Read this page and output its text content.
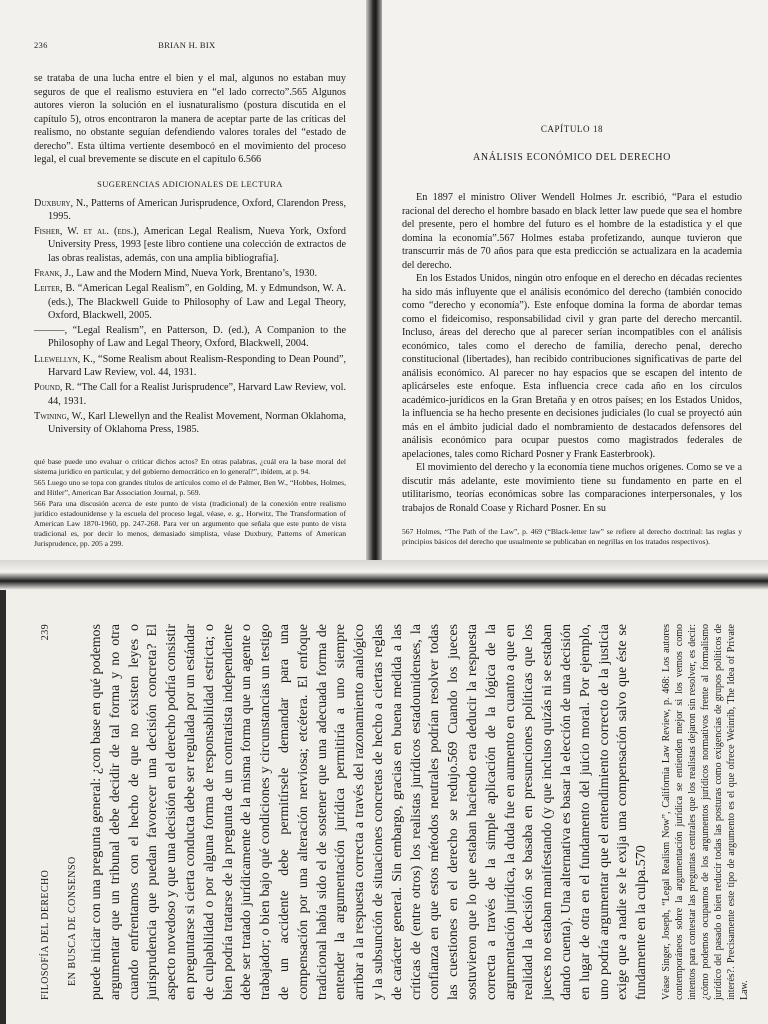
236	BRIAN H. BIX

se trataba de una lucha entre el bien y el mal, algunos no estaban muy seguros de que el realismo estuviera en “el lado correcto”.565 Algunos autores vieron la solución en el iusnaturalismo (postura discutida en el capítulo 5), otros encontraron la manera de aceptar parte de las críticas del realismo, no obstante seguían defendiendo valores torales del “estado de derecho”. Esta última vertiente desembocó en el movimiento del proceso legal, el cual brevemente se discute en el capítulo 6.566

SUGERENCIAS ADICIONALES DE LECTURA

Duxbury, N., Patterns of American Jurisprudence, Oxford, Clarendon Press, 1995.

Fisher, W. et al. (eds.), American Legal Realism, Nueva York, Oxford University Press, 1993 [este libro contiene una colección de extractos de las obras realistas, además, con una amplia bibliografía].

Frank, J., Law and the Modern Mind, Nueva York, Brentano’s, 1930.

Leiter, B. “American Legal Realism”, en Golding, M. y Edmundson, W. A. (eds.), The Blackwell Guide to Philosophy of Law and Legal Theory, Oxford, Blackwell, 2005.

———, “Legal Realism”, en Patterson, D. (ed.), A Companion to the Philosophy of Law and Legal Theory, Oxford, Blackwell, 2004.

Llewellyn, K., “Some Realism about Realism-Responding to Dean Pound”, Harvard Law Review, vol. 44, 1931.

Pound, R. “The Call for a Realist Jurisprudence”, Harvard Law Review, vol. 44, 1931.

Twining, W., Karl Llewellyn and the Realist Movement, Norman Oklahoma, University of Oklahoma Press, 1985.

qué base puede uno evaluar o criticar dichos actos? En otras palabras, ¿cuál era la base moral del sistema jurídico en particular, y del gobierno democrático en lo general?”, ibídem, at p. 94.

565 Luego uno se topa con grandes títulos de artículos como el de Palmer, Ben W., “Hobbes, Holmes, and Hitler”, American Bar Association Journal, p. 569.

566 Para una discusión acerca de este punto de vista (tradicional) de la conexión entre realismo jurídico estadounidense y la escuela del proceso legal, véase, e. g., Horwitz, The Transformation of American Law 1870-1960, pp. 247-268. Para ver un argumento que señala que este punto de vista tradicional es, por decir lo menos, demasiado simplista, véase Duxbury, Patterns of American Jurisprudence, pp. 205 a 299.

CAPÍTULO 18
ANÁLISIS ECONÓMICO DEL DERECHO

En 1897 el ministro Oliver Wendell Holmes Jr. escribió, “Para el estudio racional del derecho el hombre basado en black letter law puede que sea el hombre del presente, pero el hombre del futuro es el hombre de la estadística y el que domina la economía”.567 Holmes estaba profetizando, aunque tuvieron que transcurrir más de 70 años para que esta predicción se actualizara en la academia del derecho.

En los Estados Unidos, ningún otro enfoque en el derecho en décadas recientes ha sido más influyente que el análisis económico del derecho (también conocido como “derecho y economía”). Este enfoque domina la forma de abordar temas como el fideicomiso, responsabilidad civil y gran parte del derecho mercantil. Incluso, áreas del derecho que al parecer serían incompatibles con el análisis económico, tales como el derecho de familia, derecho penal, derecho constitucional (libertades), han recibido contribuciones significativas de parte del análisis económico. Al parecer no hay espacios que se escapen del intento de aplicárseles este enfoque. Esta influencia crece cada año en los círculos académico-jurídicos en la Gran Bretaña y en otros países; en los Estados Unidos, la influencia se ha hecho presente en decisiones judiciales (lo cual se proyectó aún más en el ámbito judicial dado el nombramiento de destacados defensores del análisis económico para ocupar puestos como magistrados federales de apelaciones, tales como Richard Posner y Frank Easterbrook).

El movimiento del derecho y la economía tiene muchos orígenes. Como se ve a discutir más adelante, este movimiento tiene su fundamento en parte en el utilitarismo, teorías económicas sobre las comparaciones interpersonales, y los trabajos de Ronald Coase y Richard Posner. En su

567 Holmes, “The Path of the Law”, p. 469 (“Black-letter law” se refiere al derecho doctrinal: las reglas y principios básicos del derecho que usualmente se publicaban en negrillas en los tratados respectivos).
FILOSOFÍA DEL DERECHO
239
EN BUSCA DE CONSENSO puede iniciar con una pregunta general: ¿con base en qué podemos argumentar que un tribunal debe decidir de tal forma y no otra cuando enfrentamos con el hecho de que no existen leyes o jurisprudencia que puedan favorecer una decisión concreta? El aspecto novedoso y que una decisión en el derecho podría consistir en preguntarse si cierta conducta debe ser regulada por un estándar de culpabilidad o por alguna forma de responsabilidad estricta; o bien podría tratarse de la pregunta de un contratista independiente debe ser tratado jurídicamente de la misma forma que un agente o trabajador; o bien bajo qué condiciones y circunstancias un testigo de un accidente debe permitírsele demandar para una compensación por una alteración nerviosa; etcétera. El enfoque tradicional había sido el de sostener que una adecuada forma de entender la argumentación jurídica permitiría a uno siempre arribar a la respuesta correcta a través del razonamiento analógico y la subsunción de situaciones concretas de hecho a ciertas reglas de carácter general. Sin embargo, gracias en buena medida a las críticas de (entre otros) los realistas jurídicos estadounidenses, la confianza en que estos métodos neutrales podrían resolver todas las cuestiones en el derecho se redujo.569 Cuando los jueces sostuvieron que lo que estaban haciendo era deducir la respuesta correcta a través de la simple aplicación de la lógica de la argumentación jurídica, la duda fue en aumento en cuanto a que en realidad la decisión se basaba en presunciones políticas que los jueces no estaban manifestando (y que incluso quizás ni se estaban dando cuenta). Una alternativa es basar la elección de una decisión en lugar de otra en el fundamento del juicio moral. Por ejemplo, uno podría argumentar que el entendimiento correcto de la justicia exige que a nadie se le exija una compensación salvo que éste se fundamente en la culpa.570 Véase Singer, Joseph, “Legal Realism Now”, California Law Review, p. 468: Los autores contemporáneos sobre la argumentación jurídica se entienden mejor si los vemos como intentos para contestar las preguntas centrales que los realistas dejaron sin resolver, es decir: ¿cómo podemos ocuparnos de los argumentos jurídicos normativos frente al formalismo jurídico del pasado o bien reducir todas las posturas como exigencias de grupos políticos de interés?. Precisamente este tipo de argumento es el que ofrece Weinrib, The Idea of Private Law.
